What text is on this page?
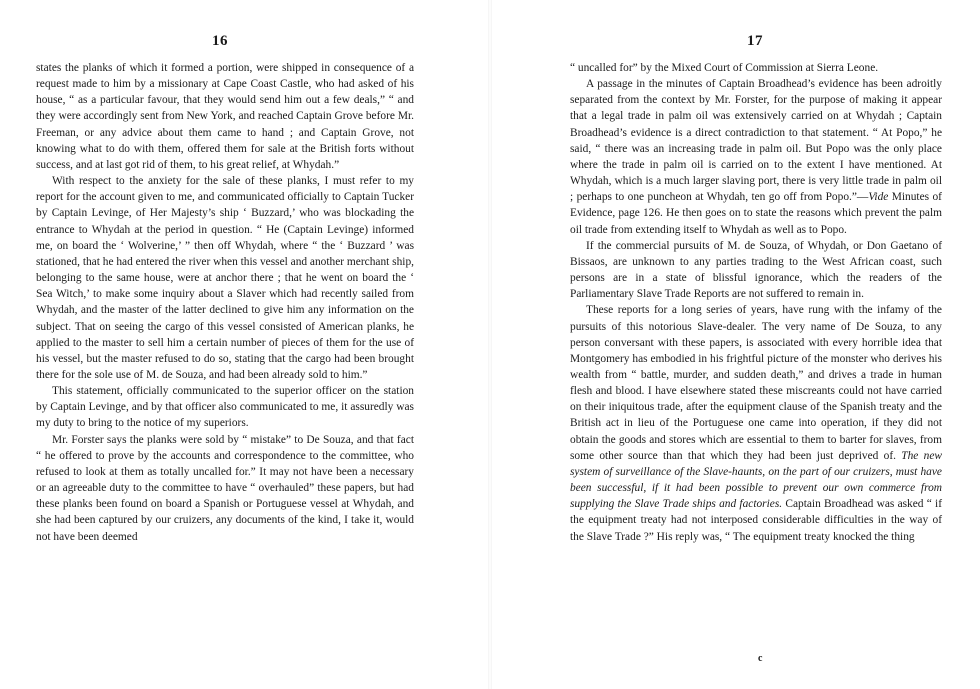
16

states the planks of which it formed a portion, were shipped in consequence of a request made to him by a missionary at Cape Coast Castle, who had asked of his house, “ as a particular favour, that they would send him out a few deals,” “ and they were accordingly sent from New York, and reached Captain Grove before Mr. Freeman, or any advice about them came to hand ; and Captain Grove, not knowing what to do with them, offered them for sale at the British forts without success, and at last got rid of them, to his great relief, at Whydah.”

With respect to the anxiety for the sale of these planks, I must refer to my report for the account given to me, and communicated officially to Captain Tucker by Captain Levinge, of Her Majesty’s ship ‘ Buzzard,’ who was blockading the entrance to Whydah at the period in question. “ He (Captain Levinge) informed me, on board the ‘ Wolverine,’ ” then off Whydah, where “ the ‘ Buzzard ’ was stationed, that he had entered the river when this vessel and another merchant ship, belonging to the same house, were at anchor there ; that he went on board the ‘ Sea Witch,’ to make some inquiry about a Slaver which had recently sailed from Whydah, and the master of the latter declined to give him any information on the subject. That on seeing the cargo of this vessel consisted of American planks, he applied to the master to sell him a certain number of pieces of them for the use of his vessel, but the master refused to do so, stating that the cargo had been brought there for the sole use of M. de Souza, and had been already sold to him.”

This statement, officially communicated to the superior officer on the station by Captain Levinge, and by that officer also communicated to me, it assuredly was my duty to bring to the notice of my superiors.

Mr. Forster says the planks were sold by “ mistake” to De Souza, and that fact “ he offered to prove by the accounts and correspondence to the committee, who refused to look at them as totally uncalled for.” It may not have been a necessary or an agreeable duty to the committee to have “ overhauled” these papers, but had these planks been found on board a Spanish or Portuguese vessel at Whydah, and she had been captured by our cruizers, any documents of the kind, I take it, would not have been deemed

17

“ uncalled for” by the Mixed Court of Commission at Sierra Leone.

A passage in the minutes of Captain Broadhead’s evidence has been adroitly separated from the context by Mr. Forster, for the purpose of making it appear that a legal trade in palm oil was extensively carried on at Whydah ; Captain Broadhead’s evidence is a direct contradiction to that statement. “ At Popo,” he said, “ there was an increasing trade in palm oil. But Popo was the only place where the trade in palm oil is carried on to the extent I have mentioned. At Whydah, which is a much larger slaving port, there is very little trade in palm oil ; perhaps to one puncheon at Whydah, ten go off from Popo.”—Vide Minutes of Evidence, page 126. He then goes on to state the reasons which prevent the palm oil trade from extending itself to Whydah as well as to Popo.

If the commercial pursuits of M. de Souza, of Whydah, or Don Gaetano of Bissaos, are unknown to any parties trading to the West African coast, such persons are in a state of blissful ignorance, which the readers of the Parliamentary Slave Trade Reports are not suffered to remain in.

These reports for a long series of years, have rung with the infamy of the pursuits of this notorious Slave-dealer. The very name of De Souza, to any person conversant with these papers, is associated with every horrible idea that Montgomery has embodied in his frightful picture of the monster who derives his wealth from “ battle, murder, and sudden death,” and drives a trade in human flesh and blood. I have elsewhere stated these miscreants could not have carried on their iniquitous trade, after the equipment clause of the Spanish treaty and the British act in lieu of the Portuguese one came into operation, if they did not obtain the goods and stores which are essential to them to barter for slaves, from some other source than that which they had been just deprived of. The new system of surveillance of the Slave-haunts, on the part of our cruizers, must have been successful, if it had been possible to prevent our own commerce from supplying the Slave Trade ships and factories. Captain Broadhead was asked “ if the equipment treaty had not interposed considerable difficulties in the way of the Slave Trade ?” His reply was, “ The equipment treaty knocked the thing

c
